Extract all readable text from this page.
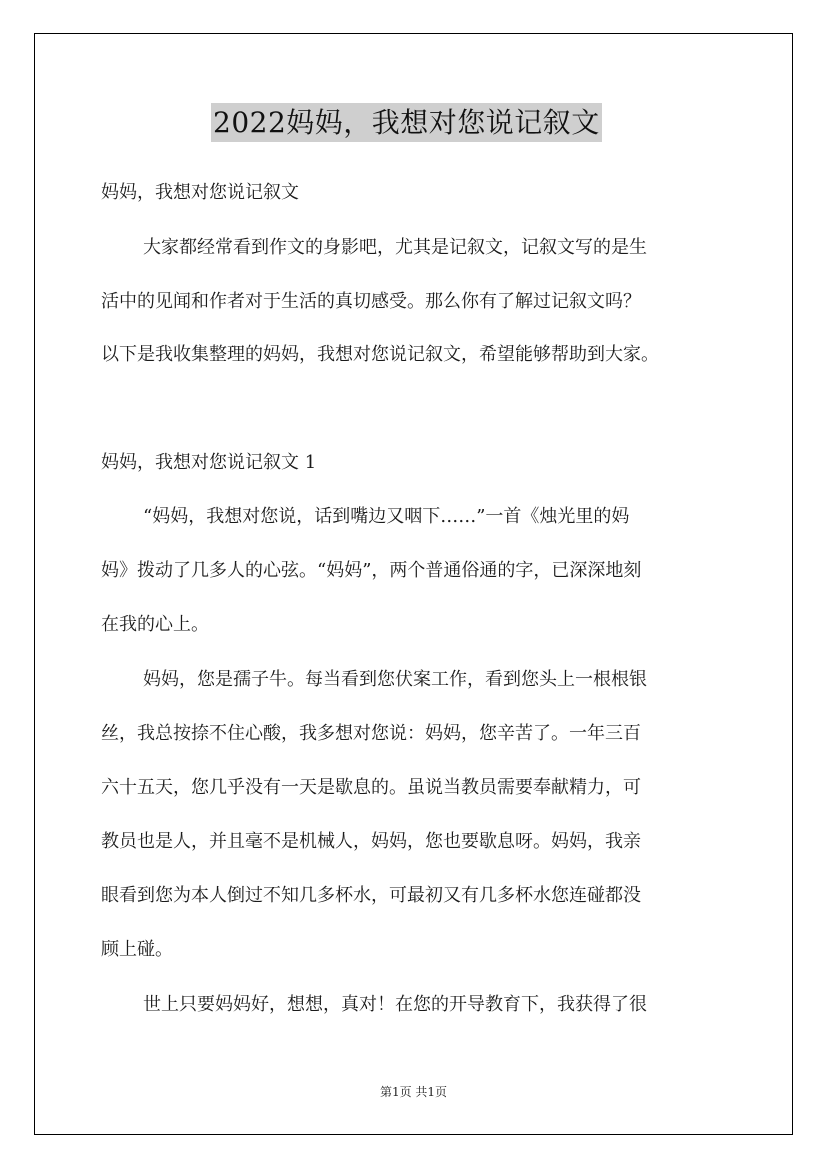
2022妈妈，我想对您说记叙文
妈妈，我想对您说记叙文
大家都经常看到作文的身影吧，尤其是记叙文，记叙文写的是生
活中的见闻和作者对于生活的真切感受。那么你有了解过记叙文吗？
以下是我收集整理的妈妈，我想对您说记叙文，希望能够帮助到大家。
妈妈，我想对您说记叙文 1
“妈妈，我想对您说，话到嘴边又咽下……”一首《烛光里的妈
妈》拨动了几多人的心弦。“妈妈”，两个普通俗通的字，已深深地刻
在我的心上。
妈妈，您是孺子牛。每当看到您伏案工作，看到您头上一根根银
丝，我总按捺不住心酸，我多想对您说：妈妈，您辛苦了。一年三百
六十五天，您几乎没有一天是歇息的。虽说当教员需要奉献精力，可
教员也是人，并且毫不是机械人，妈妈，您也要歇息呀。妈妈，我亲
眼看到您为本人倒过不知几多杯水，可最初又有几多杯水您连碰都没
顾上碰。
世上只要妈妈好，想想，真对！在您的开导教育下，我获得了很
第1页 共1页
